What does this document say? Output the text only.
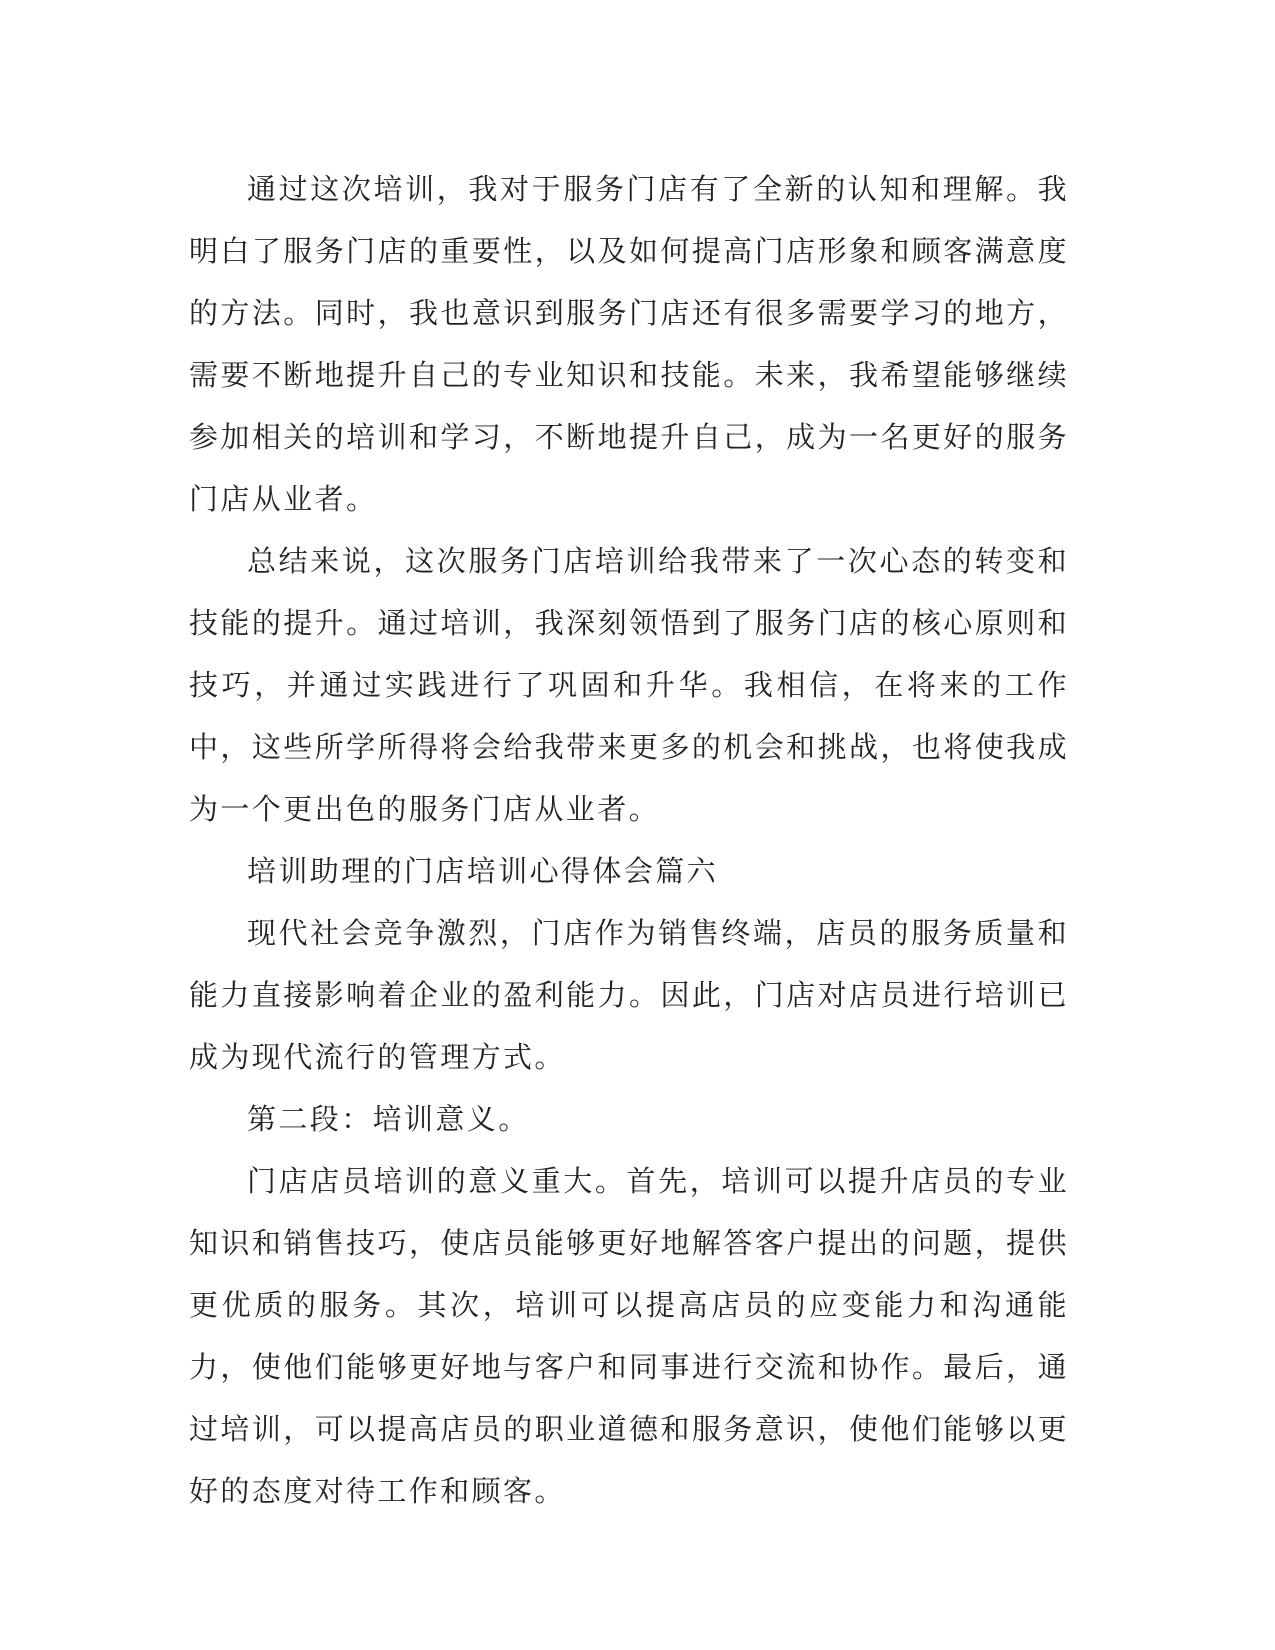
通过这次培训，我对于服务门店有了全新的认知和理解。我明白了服务门店的重要性，以及如何提高门店形象和顾客满意度的方法。同时，我也意识到服务门店还有很多需要学习的地方，需要不断地提升自己的专业知识和技能。未来，我希望能够继续参加相关的培训和学习，不断地提升自己，成为一名更好的服务门店从业者。

总结来说，这次服务门店培训给我带来了一次心态的转变和技能的提升。通过培训，我深刻领悟到了服务门店的核心原则和技巧，并通过实践进行了巩固和升华。我相信，在将来的工作中，这些所学所得将会给我带来更多的机会和挑战，也将使我成为一个更出色的服务门店从业者。

培训助理的门店培训心得体会篇六

现代社会竞争激烈，门店作为销售终端，店员的服务质量和能力直接影响着企业的盈利能力。因此，门店对店员进行培训已成为现代流行的管理方式。

第二段：培训意义。

门店店员培训的意义重大。首先，培训可以提升店员的专业知识和销售技巧，使店员能够更好地解答客户提出的问题，提供更优质的服务。其次，培训可以提高店员的应变能力和沟通能力，使他们能够更好地与客户和同事进行交流和协作。最后，通过培训，可以提高店员的职业道德和服务意识，使他们能够以更好的态度对待工作和顾客。
